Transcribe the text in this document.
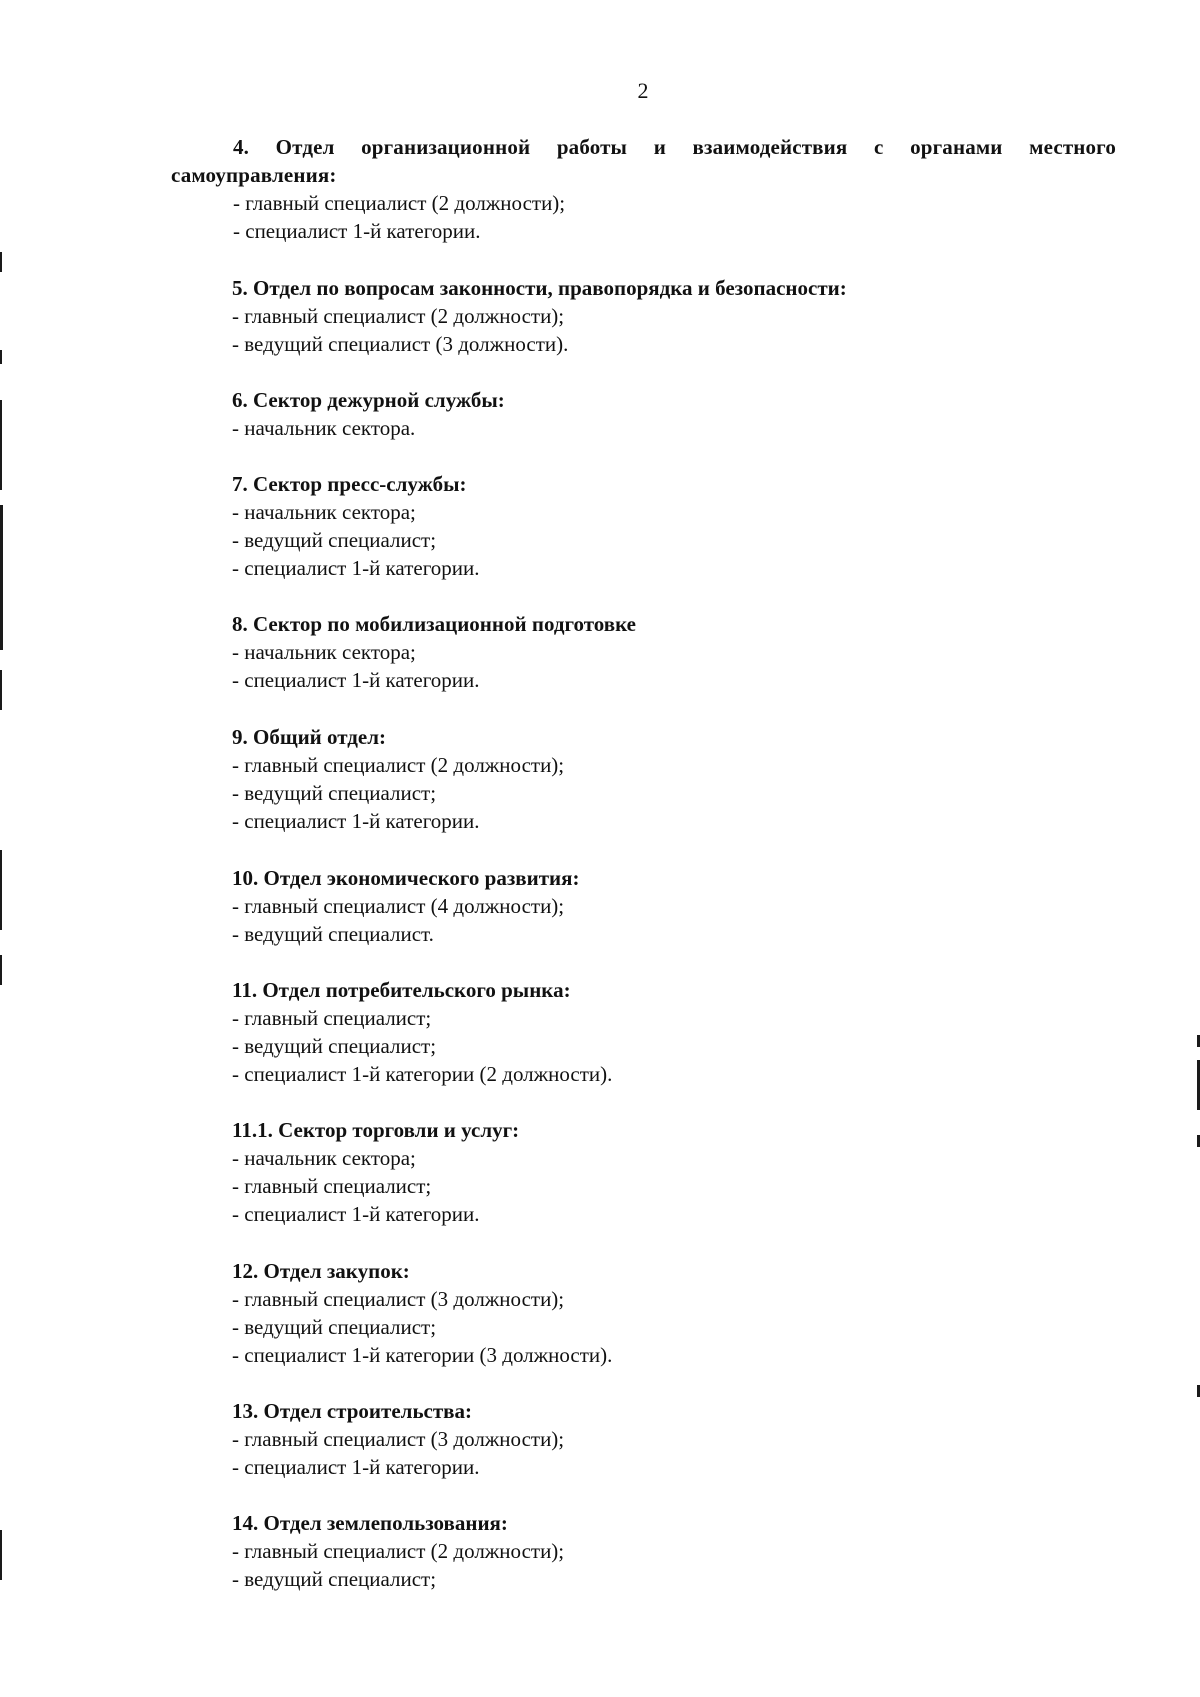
2
4. Отдел организационной работы и взаимодействия с органами местного самоуправления:
- главный специалист (2 должности);
- специалист 1-й категории.
5. Отдел по вопросам законности, правопорядка и безопасности:
- главный специалист (2 должности);
- ведущий специалист (3 должности).
6. Сектор дежурной службы:
- начальник сектора.
7. Сектор пресс-службы:
- начальник сектора;
- ведущий специалист;
- специалист 1-й категории.
8. Сектор по мобилизационной подготовке
- начальник сектора;
- специалист 1-й категории.
9. Общий отдел:
- главный специалист (2 должности);
- ведущий специалист;
- специалист 1-й категории.
10. Отдел экономического развития:
- главный специалист (4 должности);
- ведущий специалист.
11. Отдел потребительского рынка:
- главный специалист;
- ведущий специалист;
- специалист 1-й категории (2 должности).
11.1. Сектор торговли и услуг:
- начальник сектора;
- главный специалист;
- специалист 1-й категории.
12. Отдел закупок:
- главный специалист (3 должности);
- ведущий специалист;
- специалист 1-й категории (3 должности).
13. Отдел строительства:
- главный специалист (3 должности);
- специалист 1-й категории.
14. Отдел землепользования:
- главный специалист (2 должности);
- ведущий специалист;
